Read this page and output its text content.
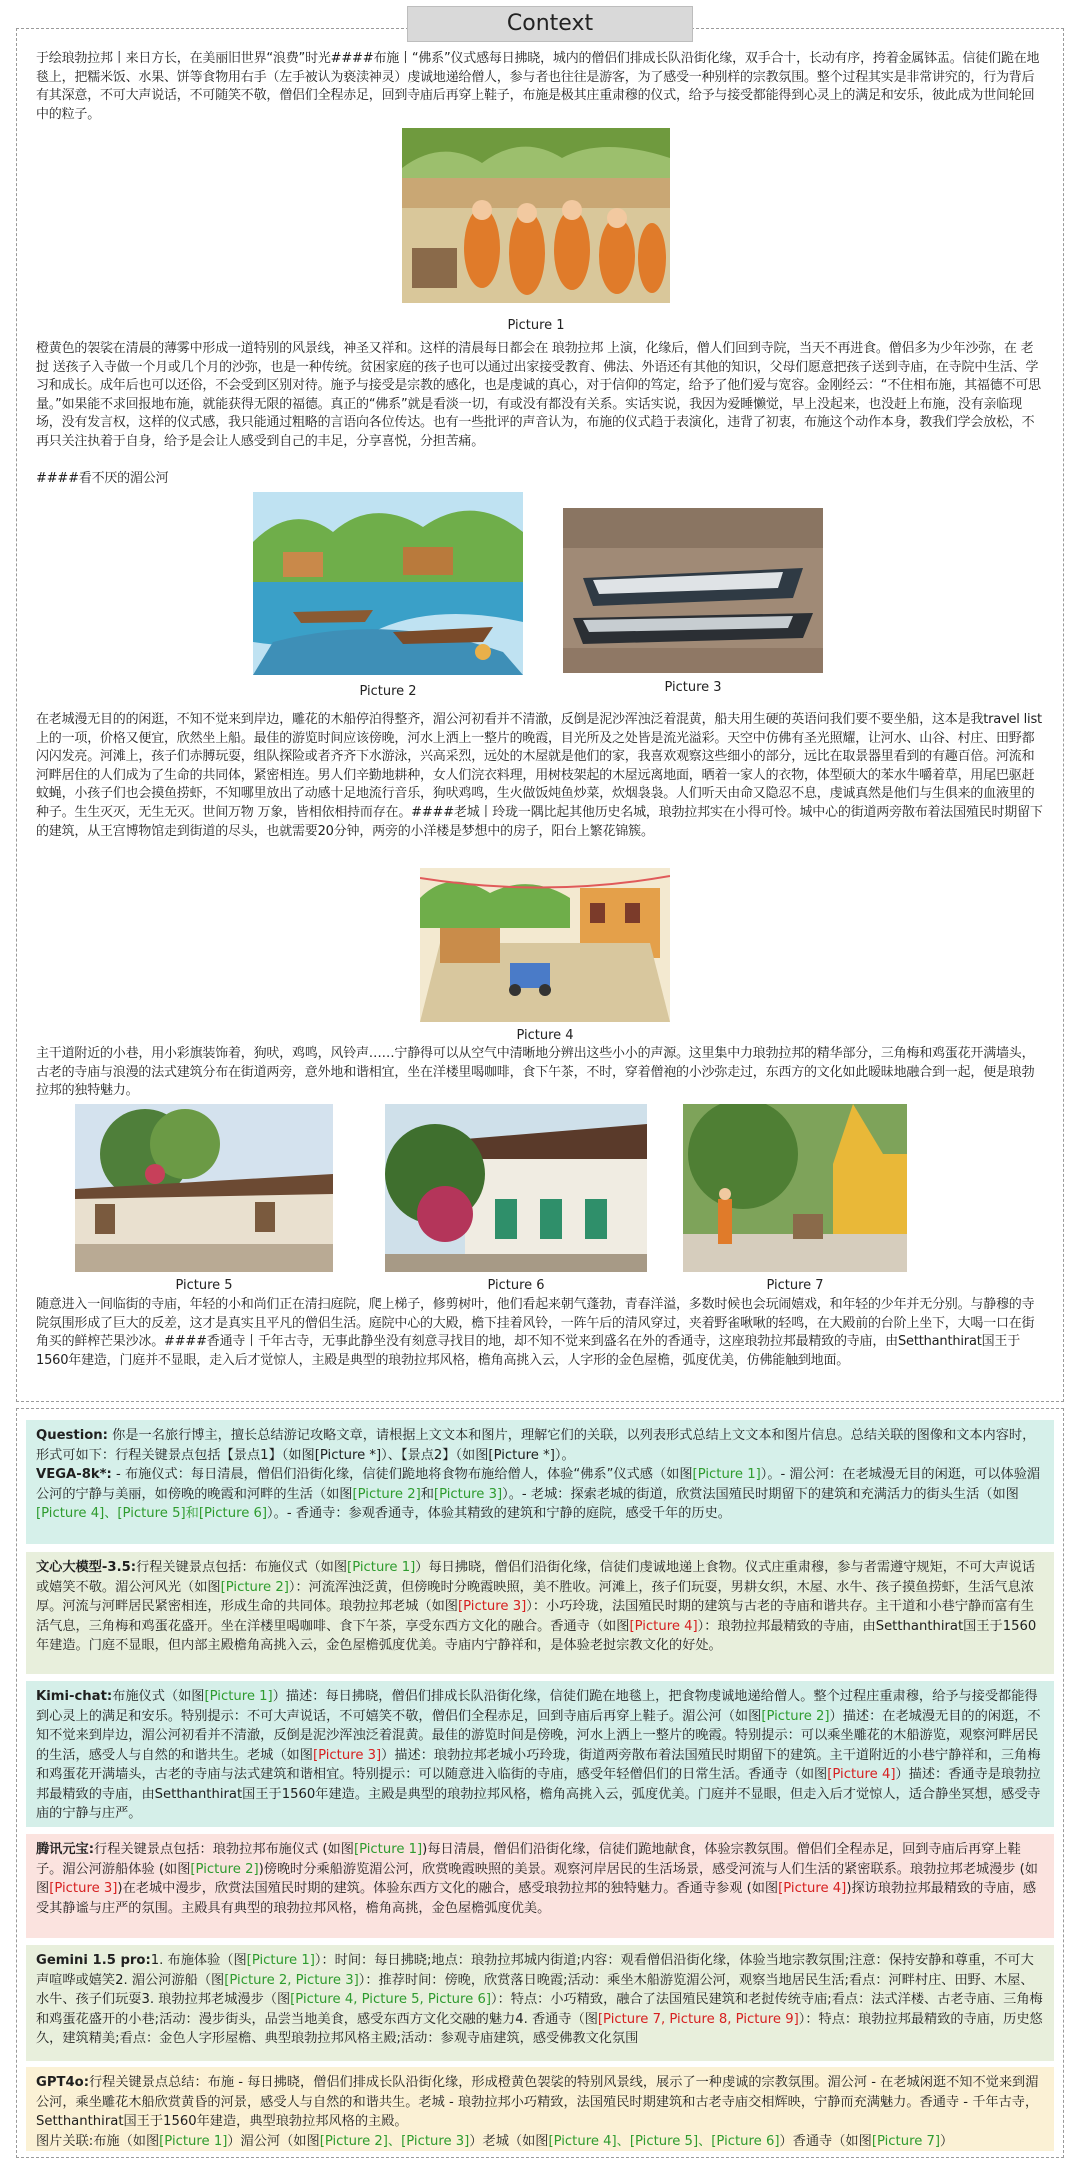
Context
于绘琅勃拉邦丨来日方长，在美丽旧世界“浪费”时光####布施丨“佛系”仪式感每日拂晓，城内的僧侣们排成长队沿街化缘，双手合十，长动有序，挎着金属钵盂。信徒们跪在地毯上，把糯米饭、水果、饼等食物用右手（左手被认为亵渎神灵）虔诚地递给僧人，参与者也往往是游客，为了感受一种别样的宗教氛围。整个过程其实是非常讲究的，行为背后有其深意，不可大声说话，不可随笑不敬，僧侣们全程赤足，回到寺庙后再穿上鞋子，布施是极其庄重肃穆的仪式，给予与接受都能得到心灵上的满足和安乐，彼此成为世间轮回中的粒子。
Picture 1
橙黄色的袈裟在清晨的薄雾中形成一道特别的风景线，神圣又祥和。这样的清晨每日都会在 琅勃拉邦 上演，化缘后，僧人们回到寺院，当天不再进食。僧侣多为少年沙弥，在 老挝 送孩子入寺做一个月或几个月的沙弥，也是一种传统。贫困家庭的孩子也可以通过出家接受教育、佛法、外语还有其他的知识，父母们愿意把孩子送到寺庙，在寺院中生活、学习和成长。成年后也可以还俗，不会受到区别对待。施予与接受是宗教的感化，也是虔诚的真心，对于信仰的笃定，给予了他们爱与宽容。金刚经云：“不住相布施，其福德不可思量。”如果能不求回报地布施，就能获得无限的福德。真正的“佛系”就是看淡一切，有或没有都没有关系。实话实说，我因为爱睡懒觉，早上没起来，也没赶上布施，没有亲临现场，没有发言权，这样的仪式感，我只能通过粗略的言语向各位传达。也有一些批评的声音认为，布施的仪式趋于表演化，违背了初衷，布施这个动作本身，教我们学会放松，不再只关注执着于自身，给予是会让人感受到自己的丰足，分享喜悦，分担苦痛。
####看不厌的湄公河
Picture 2	Picture 3
在老城漫无目的的闲逛，不知不觉来到岸边，雕花的木船停泊得整齐，湄公河初看并不清澈，反倒是泥沙浑浊泛着混黄，船夫用生硬的英语问我们要不要坐船，这本是我travel list上的一项，价格又便宜，欣然坐上船。最佳的游览时间应该傍晚，河水上洒上一整片的晚霞，目光所及之处皆是流光溢彩。天空中仿佛有圣光照耀，让河水、山谷、村庄、田野都闪闪发亮。河滩上，孩子们赤膊玩耍，组队探险或者齐齐下水游泳，兴高采烈，远处的木屋就是他们的家，我喜欢观察这些细小的部分，远比在取景器里看到的有趣百倍。河流和河畔居住的人们成为了生命的共同体，紧密相连。男人们辛勤地耕种，女人们浣衣料理，用树枝架起的木屋远离地面，晒着一家人的衣物，体型硕大的苯水牛嚼着草，用尾巴驱赶蚊蝇，小孩子们也会摸鱼捞虾，不知哪里放出了动感十足地流行音乐，狗吠鸡鸣，生火做饭炖鱼炒菜，炊烟袅袅。人们听天由命又隐忍不息，虔诚真然是他们与生俱来的血液里的种子。生生灭灭，无生无灭。世间万物 万象，皆相依相持而存在。####老城丨玲珑一隅比起其他历史名城，琅勃拉邦实在小得可怜。城中心的街道两旁散布着法国殖民时期留下的建筑，从王宫博物馆走到街道的尽头，也就需要20分钟，两旁的小洋楼是梦想中的房子，阳台上繁花锦簇。
Picture 4
主干道附近的小巷，用小彩旗装饰着，狗吠，鸡鸣，风铃声……宁静得可以从空气中清晰地分辨出这些小小的声源。这里集中力琅勃拉邦的精华部分，三角梅和鸡蛋花开满墙头，古老的寺庙与浪漫的法式建筑分布在街道两旁，意外地和谐相宜，坐在洋楼里喝咖啡，食下午茶，不时，穿着僧袍的小沙弥走过，东西方的文化如此暧昧地融合到一起，便是琅勃拉邦的独特魅力。
Picture 5	Picture 6	Picture 7
随意进入一间临街的寺庙，年轻的小和尚们正在清扫庭院，爬上梯子，修剪树叶，他们看起来朝气蓬勃，青春洋溢，多数时候也会玩闹嬉戏，和年轻的少年并无分别。与静穆的寺院氛围形成了巨大的反差，这才是真实且平凡的僧侣生活。庭院中心的大殿，檐下挂着风铃，一阵午后的清风穿过，夹着野雀啾啾的轻鸣，在大殿前的台阶上坐下，大喝一口在街角买的鲜榨芒果沙冰。####香通寺丨千年古寺，无事此静坐没有刻意寻找目的地，却不知不觉来到盛名在外的香通寺，这座琅勃拉邦最精致的寺庙，由Setthanthirat国王于1560年建造，门庭并不显眼，走入后才觉惊人，主殿是典型的琅勃拉邦风格，檐角高挑入云，人字形的金色屋檐，弧度优美，仿佛能触到地面。
Question: 你是一名旅行博主，擅长总结游记攻略文章，请根据上文文本和图片，理解它们的关联，以列表形式总结上文文本和图片信息。总结关联的图像和文本内容时，形式可如下：行程关键景点包括【景点1】（如图[Picture *]）、【景点2】（如图[Picture *]）。
VEGA-8k*: - 布施仪式：每日清晨，僧侣们沿街化缘，信徒们跪地将食物布施给僧人，体验“佛系”仪式感（如图[Picture 1]）。- 湄公河：在老城漫无目的闲逛，可以体验湄公河的宁静与美丽，如傍晚的晚霞和河畔的生活（如图[Picture 2]和[Picture 3]）。- 老城：探索老城的街道，欣赏法国殖民时期留下的建筑和充满活力的街头生活（如图[Picture 4]、[Picture 5]和[Picture 6]）。- 香通寺：参观香通寺，体验其精致的建筑和宁静的庭院，感受千年的历史。
文心大模型-3.5:行程关键景点包括：布施仪式（如图[Picture 1]）每日拂晓，僧侣们沿街化缘，信徒们虔诚地递上食物。仪式庄重肃穆，参与者需遵守规矩，不可大声说话或嬉笑不敬。湄公河风光（如图[Picture 2]）：河流浑浊泛黄，但傍晚时分晚霞映照，美不胜收。河滩上，孩子们玩耍，男耕女织，木屋、水牛、孩子摸鱼捞虾，生活气息浓厚。河流与河畔居民紧密相连，形成生命的共同体。琅勃拉邦老城（如图[Picture 3]）：小巧玲珑，法国殖民时期的建筑与古老的寺庙和谐共存。主干道和小巷宁静而富有生活气息，三角梅和鸡蛋花盛开。坐在洋楼里喝咖啡、食下午茶，享受东西方文化的融合。香通寺（如图[Picture 4]）：琅勃拉邦最精致的寺庙，由Setthanthirat国王于1560年建造。门庭不显眼，但内部主殿檐角高挑入云，金色屋檐弧度优美。寺庙内宁静祥和，是体验老挝宗教文化的好处。
Kimi-chat:布施仪式（如图[Picture 1]）描述：每日拂晓，僧侣们排成长队沿街化缘，信徒们跪在地毯上，把食物虔诚地递给僧人。整个过程庄重肃穆，给予与接受都能得到心灵上的满足和安乐。特别提示：不可大声说话，不可嬉笑不敬，僧侣们全程赤足，回到寺庙后再穿上鞋子。湄公河（如图[Picture 2]）描述：在老城漫无目的的闲逛，不知不觉来到岸边，湄公河初看并不清澈，反倒是泥沙浑浊泛着混黄。最佳的游览时间是傍晚，河水上洒上一整片的晚霞。特别提示：可以乘坐雕花的木船游览，观察河畔居民的生活，感受人与自然的和谐共生。老城（如图[Picture 3]）描述：琅勃拉邦老城小巧玲珑，街道两旁散布着法国殖民时期留下的建筑。主干道附近的小巷宁静祥和，三角梅和鸡蛋花开满墙头，古老的寺庙与法式建筑和谐相宜。特别提示：可以随意进入临街的寺庙，感受年轻僧侣们的日常生活。香通寺（如图[Picture 4]）描述：香通寺是琅勃拉邦最精致的寺庙，由Setthanthirat国王于1560年建造。主殿是典型的琅勃拉邦风格，檐角高挑入云，弧度优美。门庭并不显眼，但走入后才觉惊人，适合静坐冥想，感受寺庙的宁静与庄严。
腾讯元宝:行程关键景点包括：琅勃拉邦布施仪式 (如图[Picture 1])每日清晨，僧侣们沿街化缘，信徒们跪地献食，体验宗教氛围。僧侣们全程赤足，回到寺庙后再穿上鞋子。湄公河游船体验 (如图[Picture 2])傍晚时分乘船游览湄公河，欣赏晚霞映照的美景。观察河岸居民的生活场景，感受河流与人们生活的紧密联系。琅勃拉邦老城漫步 (如图[Picture 3])在老城中漫步，欣赏法国殖民时期的建筑。体验东西方文化的融合，感受琅勃拉邦的独特魅力。香通寺参观 (如图[Picture 4])探访琅勃拉邦最精致的寺庙，感受其静谧与庄严的氛围。主殿具有典型的琅勃拉邦风格，檐角高挑，金色屋檐弧度优美。
Gemini 1.5 pro:1. 布施体验（图[Picture 1]）：时间：每日拂晓;地点：琅勃拉邦城内街道;内容：观看僧侣沿街化缘，体验当地宗教氛围;注意：保持安静和尊重，不可大声喧哗或嬉笑2. 湄公河游船（图[Picture 2, Picture 3]）：推荐时间：傍晚，欣赏落日晚霞;活动：乘坐木船游览湄公河，观察当地居民生活;看点：河畔村庄、田野、木屋、水牛、孩子们玩耍3. 琅勃拉邦老城漫步（图[Picture 4, Picture 5, Picture 6]）：特点：小巧精致，融合了法国殖民建筑和老挝传统寺庙;看点：法式洋楼、古老寺庙、三角梅和鸡蛋花盛开的小巷;活动：漫步街头，品尝当地美食，感受东西方文化交融的魅力4. 香通寺（图[Picture 7, Picture 8, Picture 9]）：特点：琅勃拉邦最精致的寺庙，历史悠久，建筑精美;看点：金色人字形屋檐、典型琅勃拉邦风格主殿;活动：参观寺庙建筑，感受佛教文化氛围
GPT4o:行程关键景点总结：布施 - 每日拂晓，僧侣们排成长队沿街化缘，形成橙黄色袈裟的特别风景线，展示了一种虔诚的宗教氛围。湄公河 - 在老城闲逛不知不觉来到湄公河，乘坐雕花木船欣赏黄昏的河景，感受人与自然的和谐共生。老城 - 琅勃拉邦小巧精致，法国殖民时期建筑和古老寺庙交相辉映，宁静而充满魅力。香通寺 - 千年古寺，Setthanthirat国王于1560年建造，典型琅勃拉邦风格的主殿。
图片关联:布施（如图[Picture 1]）湄公河（如图[Picture 2]、[Picture 3]）老城（如图[Picture 4]、[Picture 5]、[Picture 6]）香通寺（如图[Picture 7]）
